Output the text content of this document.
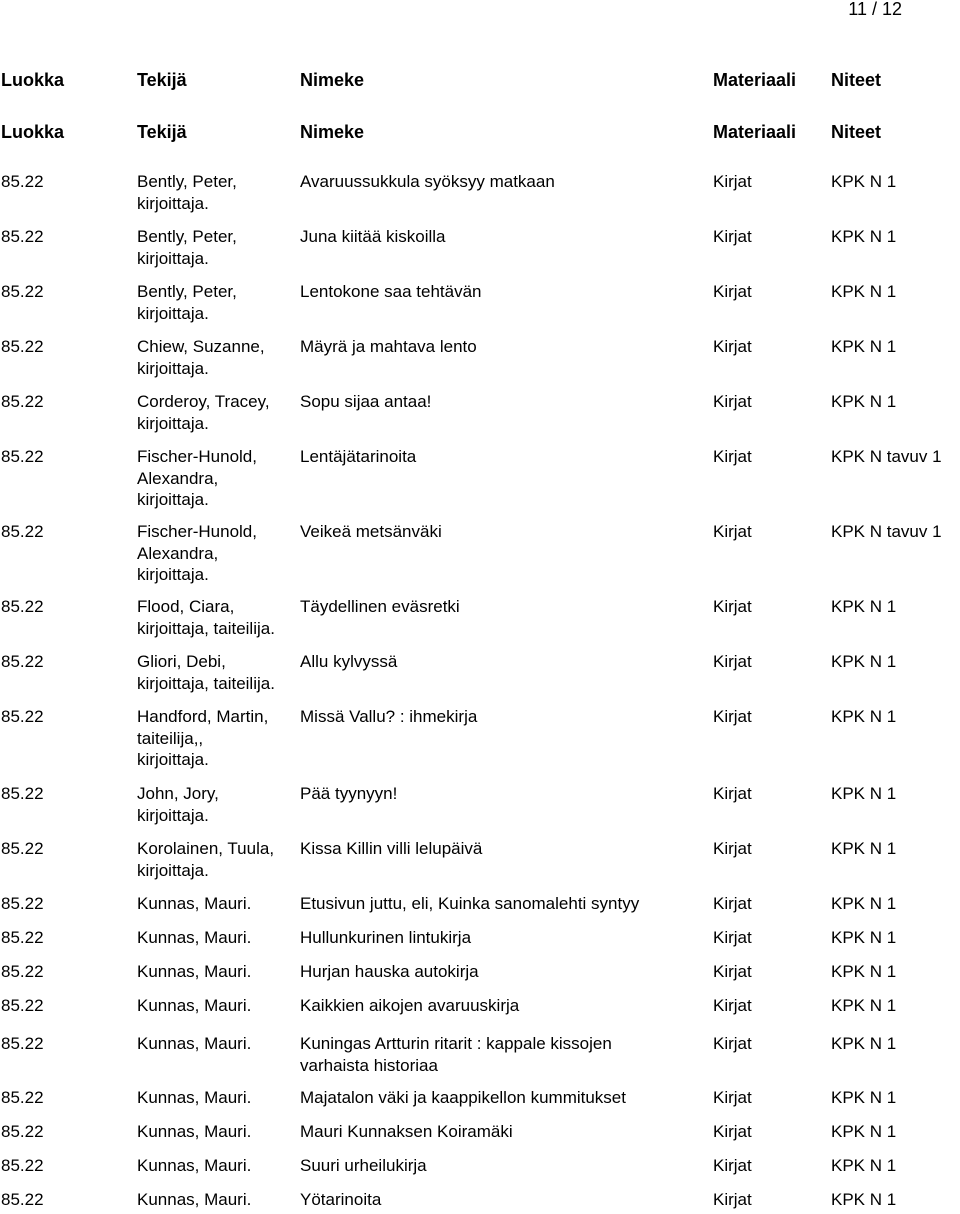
11 / 12
Luokka	Tekijä	Nimeke	Materiaali Niteet
Luokka	Tekijä	Nimeke	Materiaali Niteet
85.22	Bently, Peter,
kirjoittaja.
Avaruussukkula syöksyy matkaan	Kirjat	KPK N 1
85.22	Bently, Peter,
kirjoittaja.
Juna kiitää kiskoilla	Kirjat	KPK N 1
85.22	Bently, Peter,
kirjoittaja.
Lentokone saa tehtävän	Kirjat	KPK N 1
85.22	Chiew, Suzanne,
kirjoittaja.
Mäyrä ja mahtava lento	Kirjat	KPK N 1
85.22	Corderoy, Tracey,
kirjoittaja.
Sopu sijaa antaa!	Kirjat	KPK N 1
85.22	Fischer-Hunold,
Alexandra,
kirjoittaja.
Lentäjätarinoita	Kirjat	KPK N tavuv 1
85.22	Fischer-Hunold,
Alexandra,
kirjoittaja.
Veikeä metsänväki	Kirjat	KPK N tavuv 1
85.22	Flood, Ciara,
kirjoittaja, taiteilija.
Täydellinen eväsretki	Kirjat	KPK N 1
85.22	Gliori, Debi,
kirjoittaja, taiteilija.
Allu kylvyssä	Kirjat	KPK N 1
85.22	Handford, Martin,
taiteilija,,
kirjoittaja.
Missä Vallu? : ihmekirja	Kirjat	KPK N 1
85.22	John, Jory,
kirjoittaja.
Pää tyynyyn!	Kirjat	KPK N 1
85.22	Korolainen, Tuula,
kirjoittaja.
Kissa Killin villi lelupäivä	Kirjat	KPK N 1
85.22	Kunnas, Mauri.	Etusivun juttu, eli, Kuinka sanomalehti syntyy	Kirjat	KPK N 1
85.22	Kunnas, Mauri.	Hullunkurinen lintukirja	Kirjat	KPK N 1
85.22	Kunnas, Mauri.	Hurjan hauska autokirja	Kirjat	KPK N 1
85.22	Kunnas, Mauri.	Kaikkien aikojen avaruuskirja	Kirjat	KPK N 1
85.22	Kunnas, Mauri.	Kuningas Artturin ritarit : kappale kissojen
varhaista historiaa
Kirjat	KPK N 1
85.22	Kunnas, Mauri.	Majatalon väki ja kaappikellon kummitukset	Kirjat	KPK N 1
85.22	Kunnas, Mauri.	Mauri Kunnaksen Koiramäki	Kirjat	KPK N 1
85.22	Kunnas, Mauri.	Suuri urheilukirja	Kirjat	KPK N 1
85.22	Kunnas, Mauri.	Yötarinoita	Kirjat	KPK N 1
